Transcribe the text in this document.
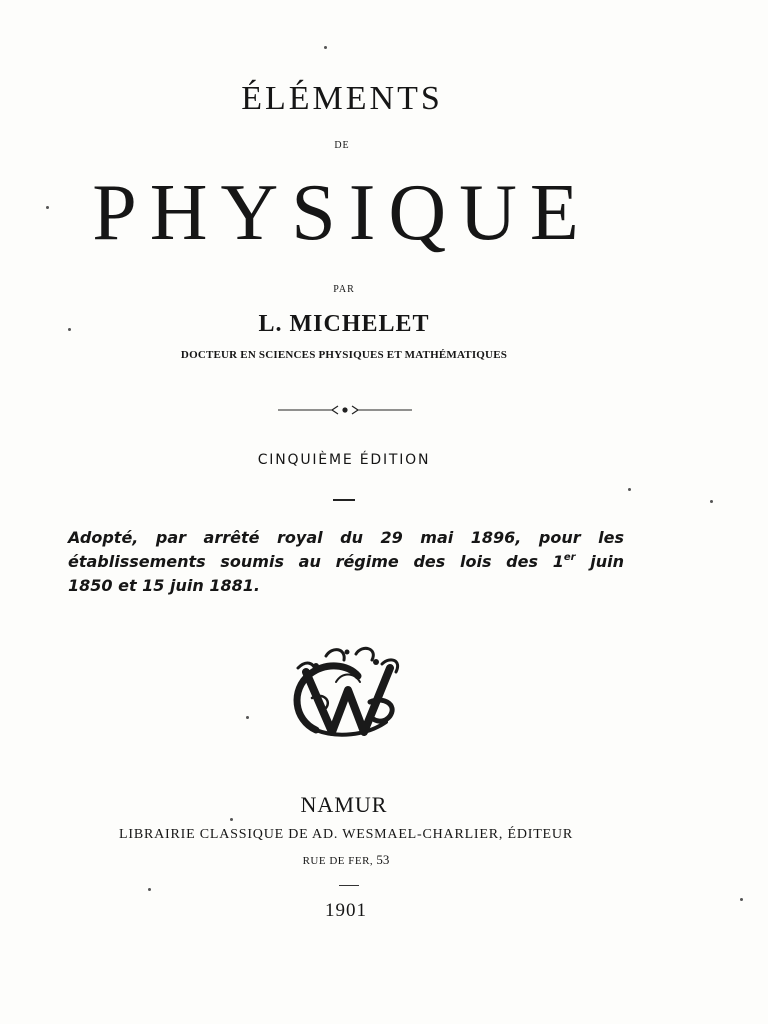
ÉLÉMENTS
DE
PHYSIQUE
PAR
L. MICHELET
DOCTEUR EN SCIENCES PHYSIQUES ET MATHÉMATIQUES
CINQUIÈME ÉDITION
Adopté, par arrêté royal du 29 mai 1896, pour les
établissements soumis au régime des lois des 1er juin
1850 et 15 juin 1881.
NAMUR
LIBRAIRIE CLASSIQUE DE AD. WESMAEL-CHARLIER, ÉDITEUR
RUE DE FER, 53
1901
